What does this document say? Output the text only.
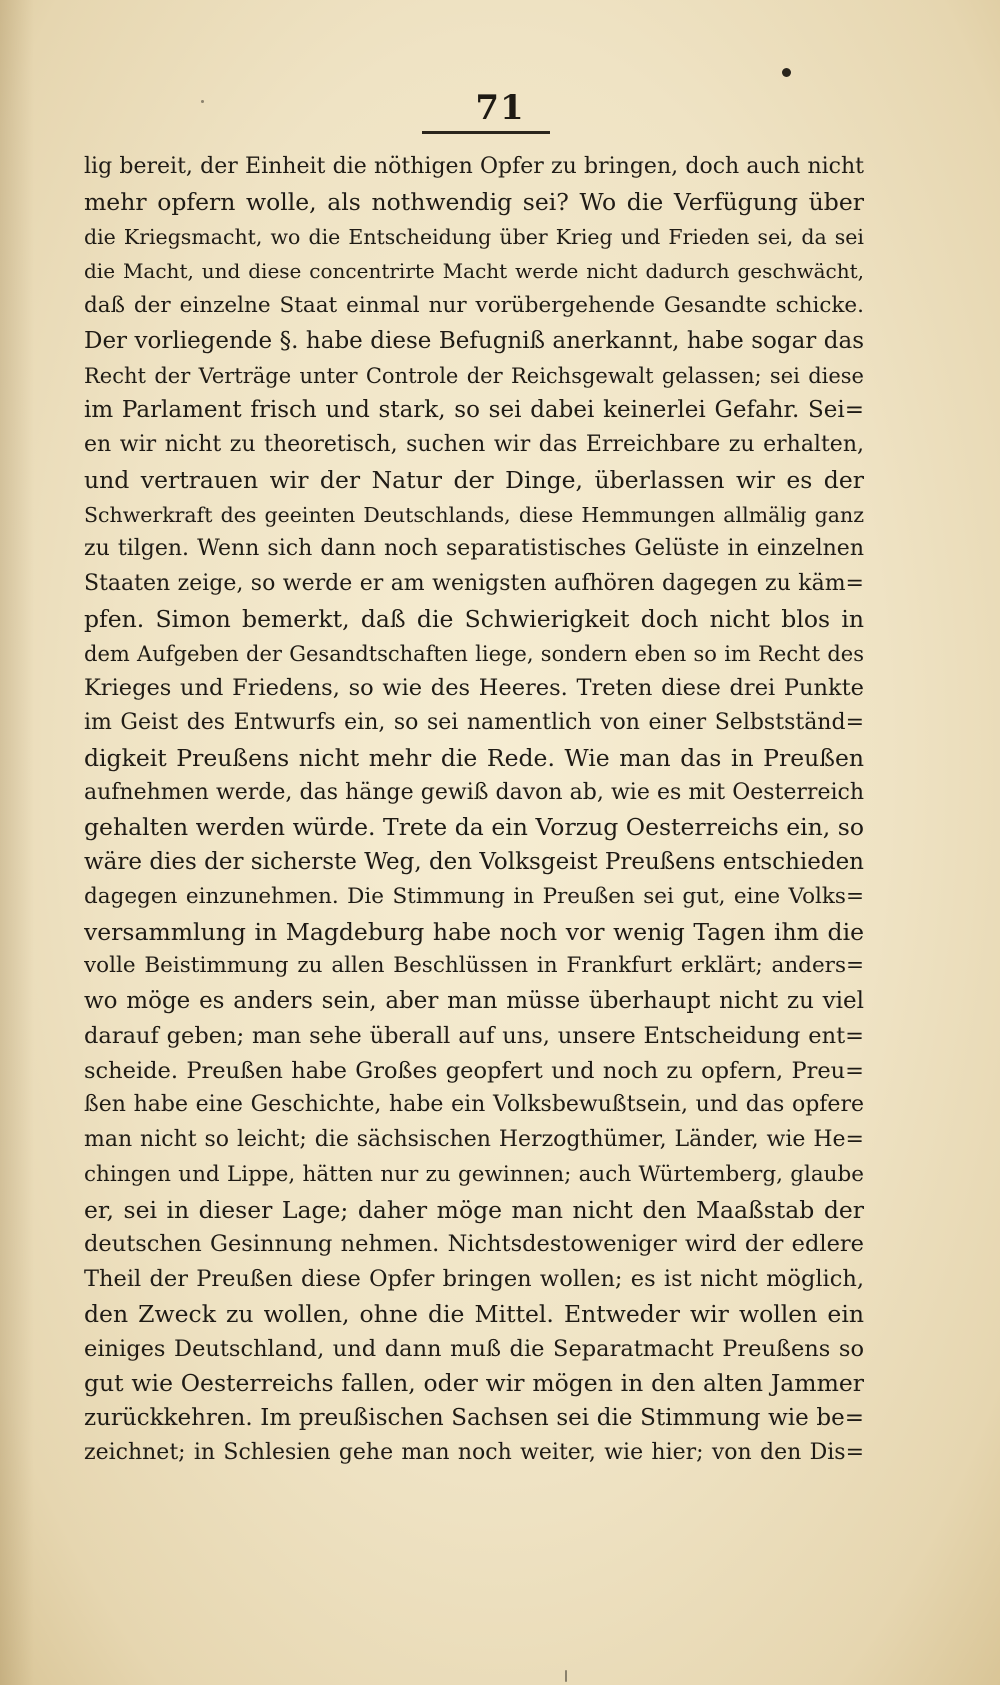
71
lig bereit, der Einheit die nöthigen Opfer zu bringen, doch auch nicht
mehr opfern wolle, als nothwendig sei? Wo die Verfügung über
die Kriegsmacht, wo die Entscheidung über Krieg und Frieden sei, da sei
die Macht, und diese concentrirte Macht werde nicht dadurch geschwächt,
daß der einzelne Staat einmal nur vorübergehende Gesandte schicke.
Der vorliegende §. habe diese Befugniß anerkannt, habe sogar das
Recht der Verträge unter Controle der Reichsgewalt gelassen; sei diese
im Parlament frisch und stark, so sei dabei keinerlei Gefahr. Sei=
en wir nicht zu theoretisch, suchen wir das Erreichbare zu erhalten,
und vertrauen wir der Natur der Dinge, überlassen wir es der
Schwerkraft des geeinten Deutschlands, diese Hemmungen allmälig ganz
zu tilgen. Wenn sich dann noch separatistisches Gelüste in einzelnen
Staaten zeige, so werde er am wenigsten aufhören dagegen zu käm=
pfen. Simon bemerkt, daß die Schwierigkeit doch nicht blos in
dem Aufgeben der Gesandtschaften liege, sondern eben so im Recht des
Krieges und Friedens, so wie des Heeres. Treten diese drei Punkte
im Geist des Entwurfs ein, so sei namentlich von einer Selbstständ=
digkeit Preußens nicht mehr die Rede. Wie man das in Preußen
aufnehmen werde, das hänge gewiß davon ab, wie es mit Oesterreich
gehalten werden würde. Trete da ein Vorzug Oesterreichs ein, so
wäre dies der sicherste Weg, den Volksgeist Preußens entschieden
dagegen einzunehmen. Die Stimmung in Preußen sei gut, eine Volks=
versammlung in Magdeburg habe noch vor wenig Tagen ihm die
volle Beistimmung zu allen Beschlüssen in Frankfurt erklärt; anders=
wo möge es anders sein, aber man müsse überhaupt nicht zu viel
darauf geben; man sehe überall auf uns, unsere Entscheidung ent=
scheide. Preußen habe Großes geopfert und noch zu opfern, Preu=
ßen habe eine Geschichte, habe ein Volksbewußtsein, und das opfere
man nicht so leicht; die sächsischen Herzogthümer, Länder, wie He=
chingen und Lippe, hätten nur zu gewinnen; auch Würtemberg, glaube
er, sei in dieser Lage; daher möge man nicht den Maaßstab der
deutschen Gesinnung nehmen. Nichtsdestoweniger wird der edlere
Theil der Preußen diese Opfer bringen wollen; es ist nicht möglich,
den Zweck zu wollen, ohne die Mittel. Entweder wir wollen ein
einiges Deutschland, und dann muß die Separatmacht Preußens so
gut wie Oesterreichs fallen, oder wir mögen in den alten Jammer
zurückkehren. Im preußischen Sachsen sei die Stimmung wie be=
zeichnet; in Schlesien gehe man noch weiter, wie hier; von den Dis=
